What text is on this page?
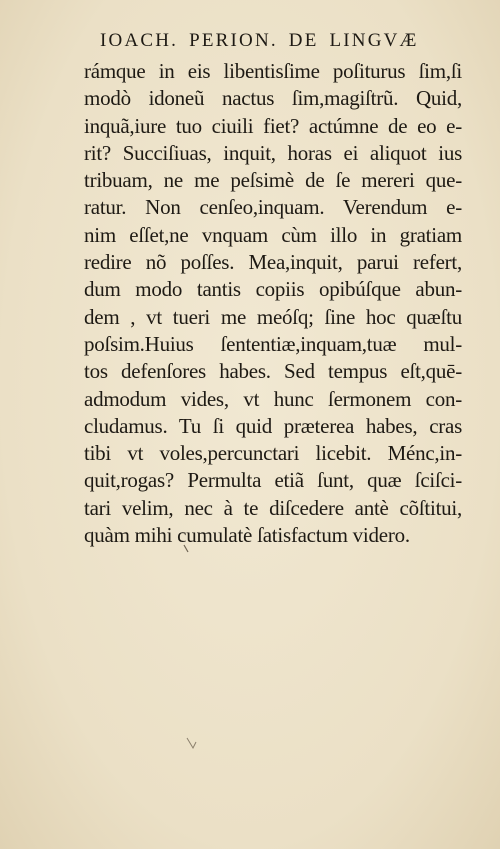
IOACH. PERION. DE LINGVÆ
rámque in eis libentisſime poſiturus ſim,ſi
modò idoneũ nactus ſim,magiſtrũ. Quid,
inquã,iure tuo ciuili fiet? actúmne de eo e-
rit? Succiſiuas, inquit, horas ei aliquot ius
tribuam, ne me peſsimè de ſe mereri que-
ratur. Non cenſeo,inquam. Verendum e-
nim eſſet,ne vnquam cùm illo in gratiam
redire nõ poſſes. Mea,inquit, parui refert,
dum modo tantis copiis opibúſque abun-
dem , vt tueri me meóſq; ſine hoc quæſtu
poſsim.Huius ſententiæ,inquam,tuæ mul-
tos defenſores habes. Sed tempus eſt,quē-
admodum vides, vt hunc ſermonem con-
cludamus. Tu ſi quid præterea habes, cras
tibi vt voles,percunctari licebit. Ménc,in-
quit,rogas? Permulta etiã ſunt, quæ ſciſci-
tari velim, nec à te diſcedere antè cõſtitui,
quàm mihi cumulatè ſatisfactum videro.
